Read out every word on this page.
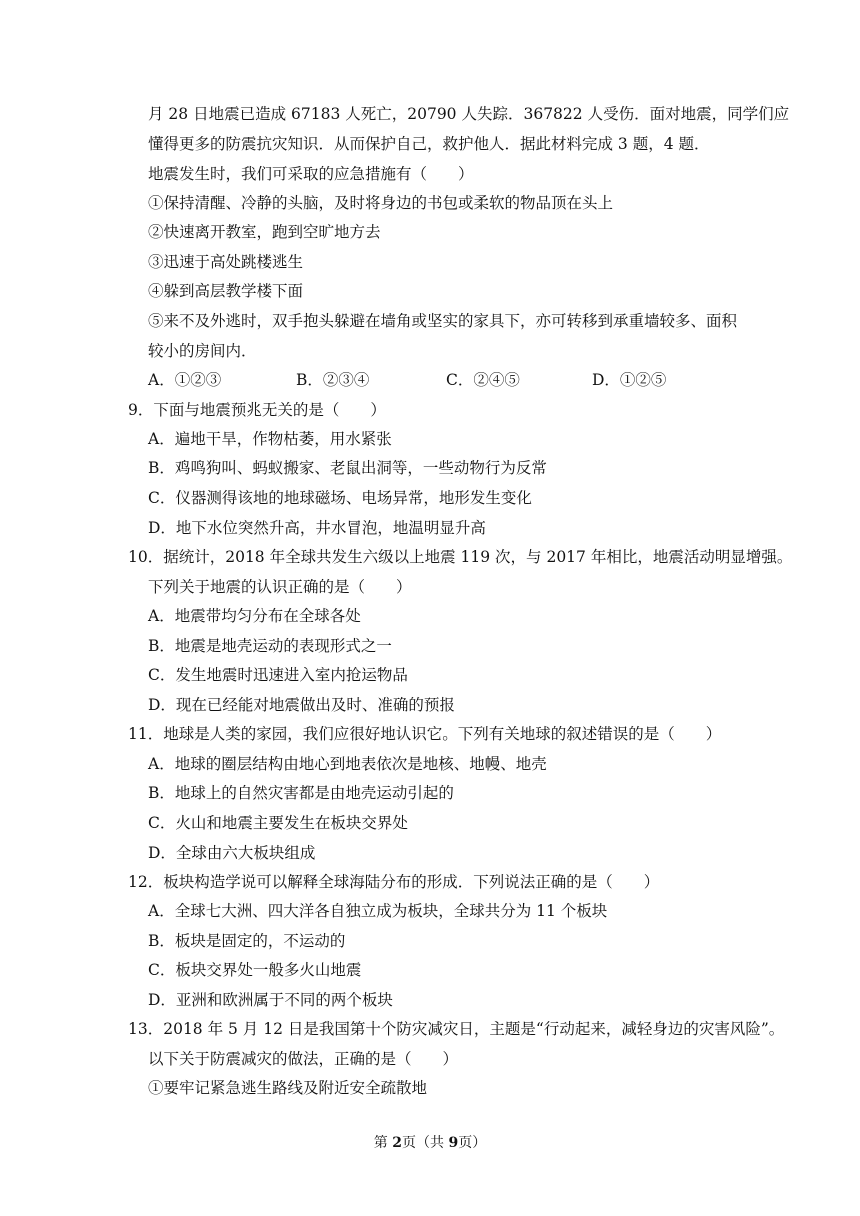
月 28 日地震已造成 67183 人死亡，20790 人失踪．367822 人受伤．面对地震，同学们应
懂得更多的防震抗灾知识．从而保护自己，救护他人．据此材料完成 3 题，4 题．
地震发生时，我们可采取的应急措施有（　　）
①保持清醒、冷静的头脑，及时将身边的书包或柔软的物品顶在头上
②快速离开教室，跑到空旷地方去
③迅速于高处跳楼逃生
④躲到高层教学楼下面
⑤来不及外逃时，双手抱头躲避在墙角或坚实的家具下，亦可转移到承重墙较多、面积
较小的房间内．
A．①②③	B．②③④	C．②④⑤	D．①②⑤
9．下面与地震预兆无关的是（　　）
A．遍地干旱，作物枯萎，用水紧张
B．鸡鸣狗叫、蚂蚁搬家、老鼠出洞等，一些动物行为反常
C．仪器测得该地的地球磁场、电场异常，地形发生变化
D．地下水位突然升高，井水冒泡，地温明显升高
10．据统计，2018 年全球共发生六级以上地震 119 次，与 2017 年相比，地震活动明显增强。
下列关于地震的认识正确的是（　　）
A．地震带均匀分布在全球各处
B．地震是地壳运动的表现形式之一
C．发生地震时迅速进入室内抢运物品
D．现在已经能对地震做出及时、准确的预报
11．地球是人类的家园，我们应很好地认识它。下列有关地球的叙述错误的是（　　）
A．地球的圈层结构由地心到地表依次是地核、地幔、地壳
B．地球上的自然灾害都是由地壳运动引起的
C．火山和地震主要发生在板块交界处
D．全球由六大板块组成
12．板块构造学说可以解释全球海陆分布的形成．下列说法正确的是（　　）
A．全球七大洲、四大洋各自独立成为板块，全球共分为 11 个板块
B．板块是固定的，不运动的
C．板块交界处一般多火山地震
D．亚洲和欧洲属于不同的两个板块
13．2018 年 5 月 12 日是我国第十个防灾减灾日，主题是“行动起来，减轻身边的灾害风险”。
以下关于防震减灾的做法，正确的是（　　）
①要牢记紧急逃生路线及附近安全疏散地
第 2页（共 9页）
